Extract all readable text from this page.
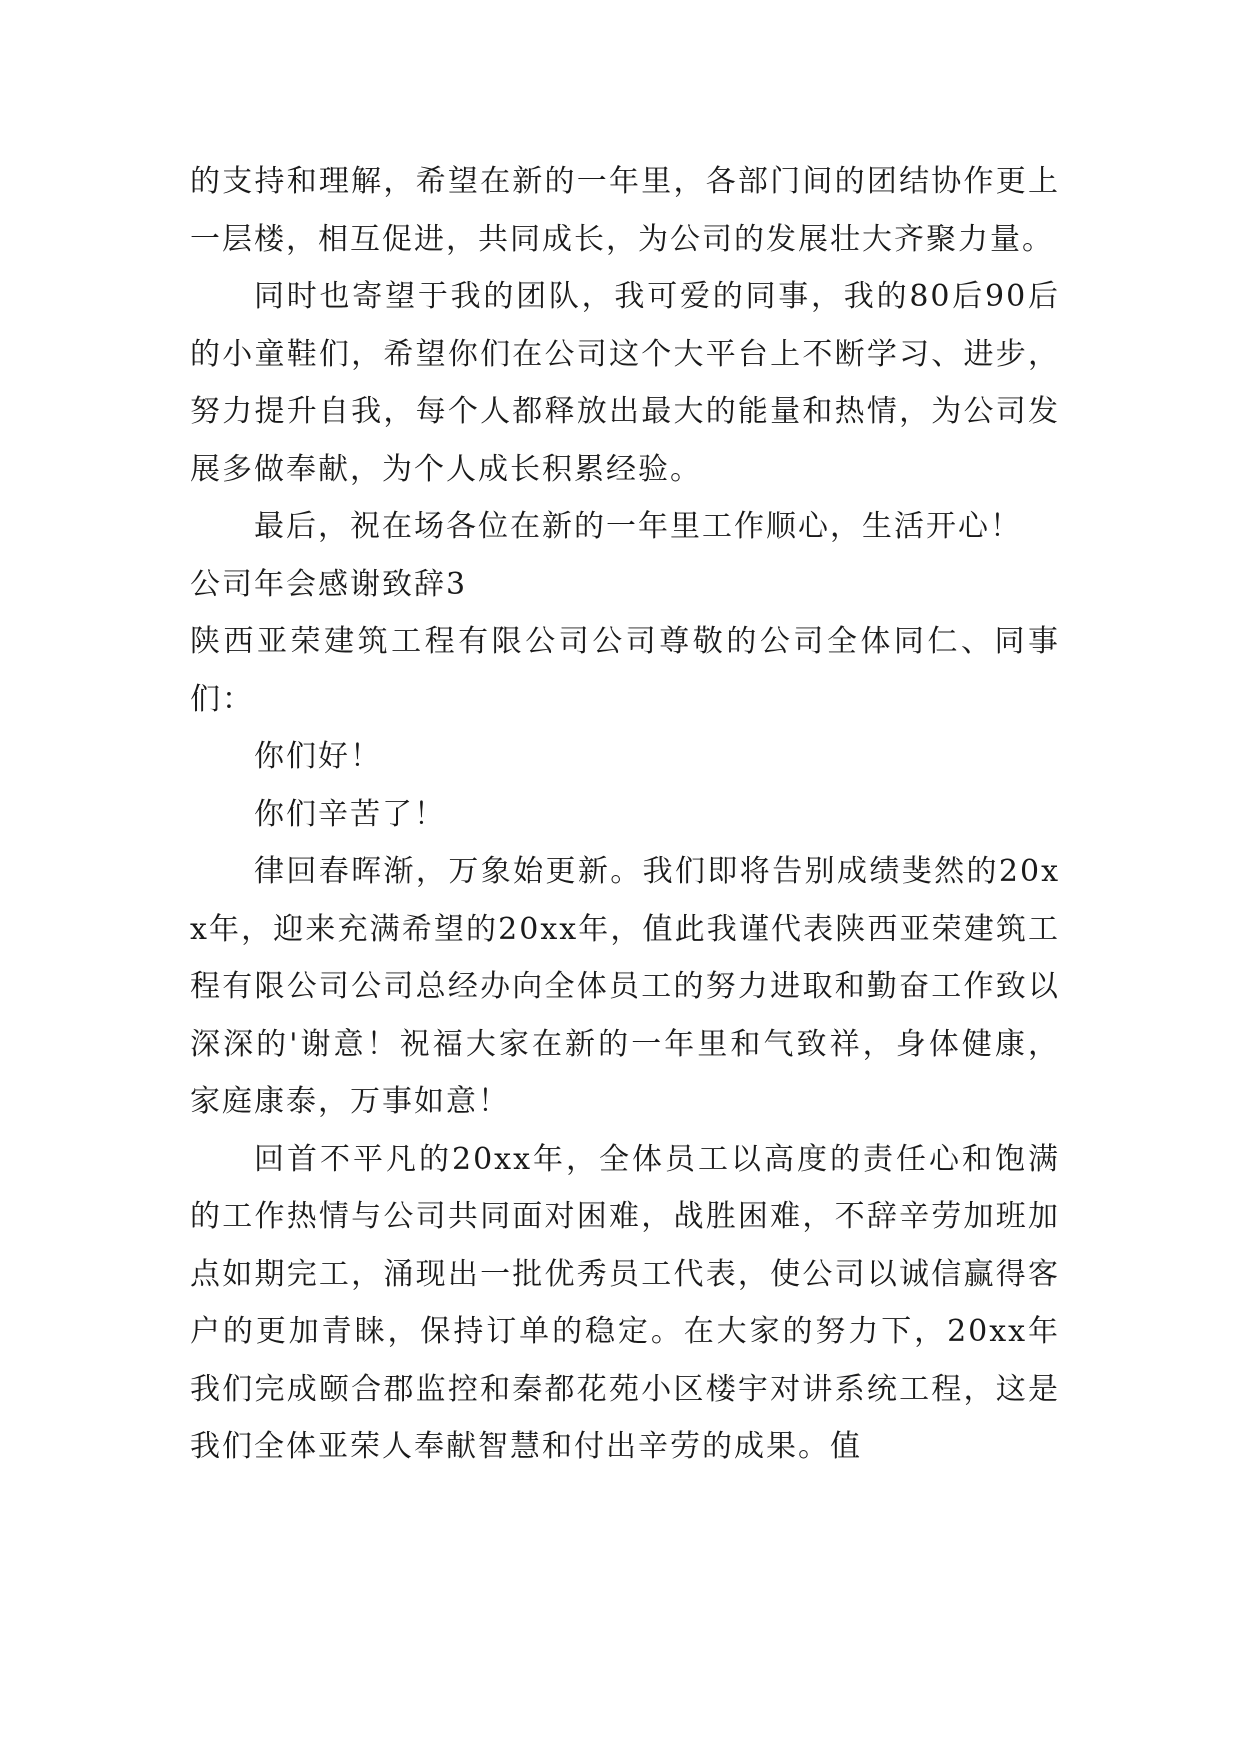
的支持和理解，希望在新的一年里，各部门间的团结协作更上一层楼，相互促进，共同成长，为公司的发展壮大齐聚力量。

同时也寄望于我的团队，我可爱的同事，我的80后90后的小童鞋们，希望你们在公司这个大平台上不断学习、进步，努力提升自我，每个人都释放出最大的能量和热情，为公司发展多做奉献，为个人成长积累经验。

最后，祝在场各位在新的一年里工作顺心，生活开心！

公司年会感谢致辞3

陕西亚荣建筑工程有限公司公司尊敬的公司全体同仁、同事们：

你们好！

你们辛苦了！

律回春晖渐，万象始更新。我们即将告别成绩斐然的20xx年，迎来充满希望的20xx年，值此我谨代表陕西亚荣建筑工程有限公司公司总经办向全体员工的努力进取和勤奋工作致以深深的'谢意！祝福大家在新的一年里和气致祥，身体健康，家庭康泰，万事如意！

回首不平凡的20xx年，全体员工以高度的责任心和饱满的工作热情与公司共同面对困难，战胜困难，不辞辛劳加班加点如期完工，涌现出一批优秀员工代表，使公司以诚信赢得客户的更加青睐，保持订单的稳定。在大家的努力下，20xx年我们完成颐合郡监控和秦都花苑小区楼宇对讲系统工程，这是我们全体亚荣人奉献智慧和付出辛劳的成果。值
